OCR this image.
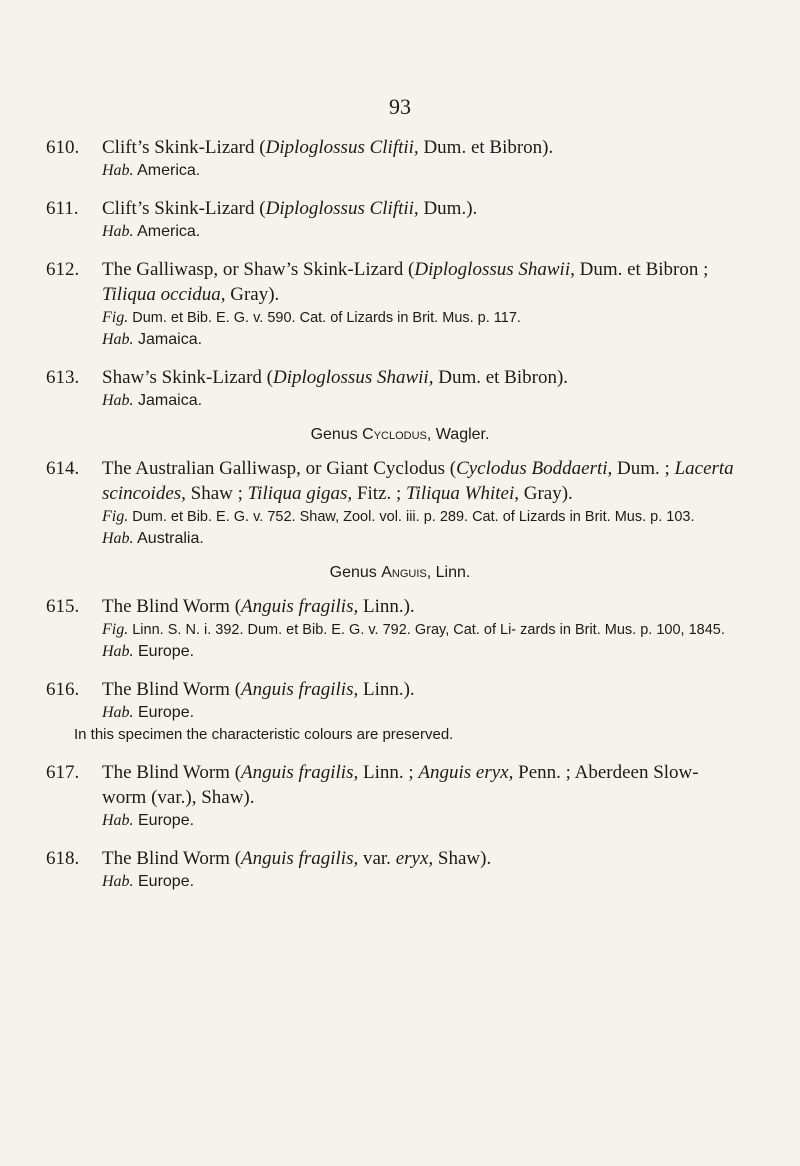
93
610. Clift’s Skink-Lizard (Diploglossus Cliftii, Dum. et Bibron).
Hab. America.
611. Clift’s Skink-Lizard (Diploglossus Cliftii, Dum.).
Hab. America.
612. The Galliwasp, or Shaw’s Skink-Lizard (Diploglossus Shawii, Dum. et Bibron ; Tiliqua occidua, Gray).
Fig. Dum. et Bib. E. G. v. 590. Cat. of Lizards in Brit. Mus. p. 117.
Hab. Jamaica.
613. Shaw’s Skink-Lizard (Diploglossus Shawii, Dum. et Bibron).
Hab. Jamaica.
Genus Cyclodus, Wagler.
614. The Australian Galliwasp, or Giant Cyclodus (Cyclodus Boddaerti, Dum. ; Lacerta scincoides, Shaw ; Tiliqua gigas, Fitz. ; Tiliqua Whitei, Gray).
Fig. Dum. et Bib. E. G. v. 752. Shaw, Zool. vol. iii. p. 289. Cat. of Lizards in Brit. Mus. p. 103.
Hab. Australia.
Genus Anguis, Linn.
615. The Blind Worm (Anguis fragilis, Linn.).
Fig. Linn. S. N. i. 392. Dum. et Bib. E. G. v. 792. Gray, Cat. of Li- zards in Brit. Mus. p. 100, 1845.
Hab. Europe.
616. The Blind Worm (Anguis fragilis, Linn.).
Hab. Europe.
In this specimen the characteristic colours are preserved.
617. The Blind Worm (Anguis fragilis, Linn. ; Anguis eryx, Penn. ; Aberdeen Slow-worm (var.), Shaw).
Hab. Europe.
618. The Blind Worm (Anguis fragilis, var. eryx, Shaw).
Hab. Europe.
